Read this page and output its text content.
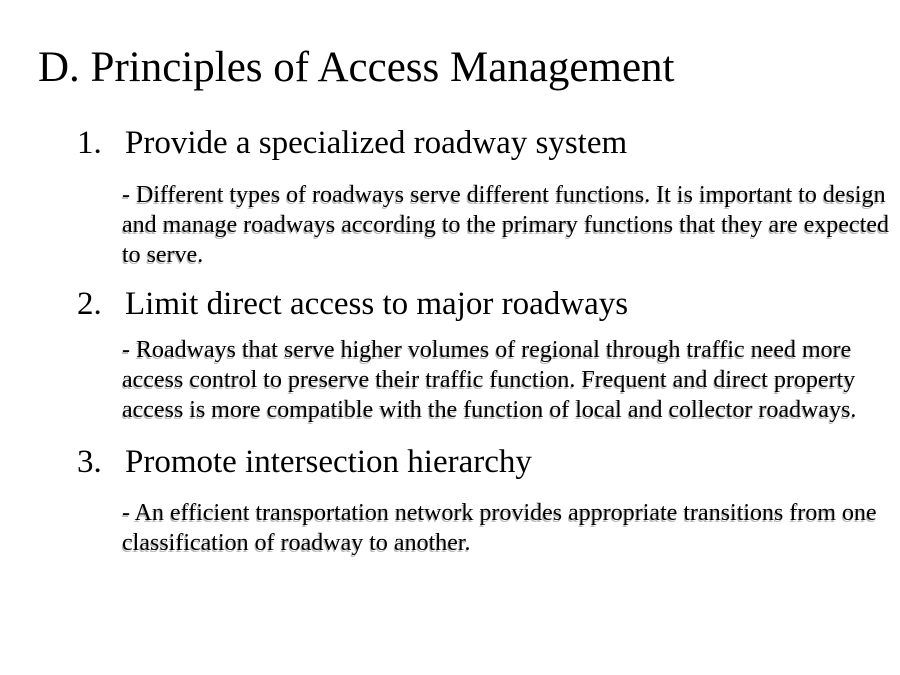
D. Principles of Access Management
1. Provide a specialized roadway system

- Different types of roadways serve different functions. It is important to design and manage roadways according to the primary functions that they are expected to serve.

2. Limit direct access to major roadways

- Roadways that serve higher volumes of regional through traffic need more access control to preserve their traffic function. Frequent and direct property access is more compatible with the function of local and collector roadways.

3. Promote intersection hierarchy

- An efficient transportation network provides appropriate transitions from one classification of roadway to another.
